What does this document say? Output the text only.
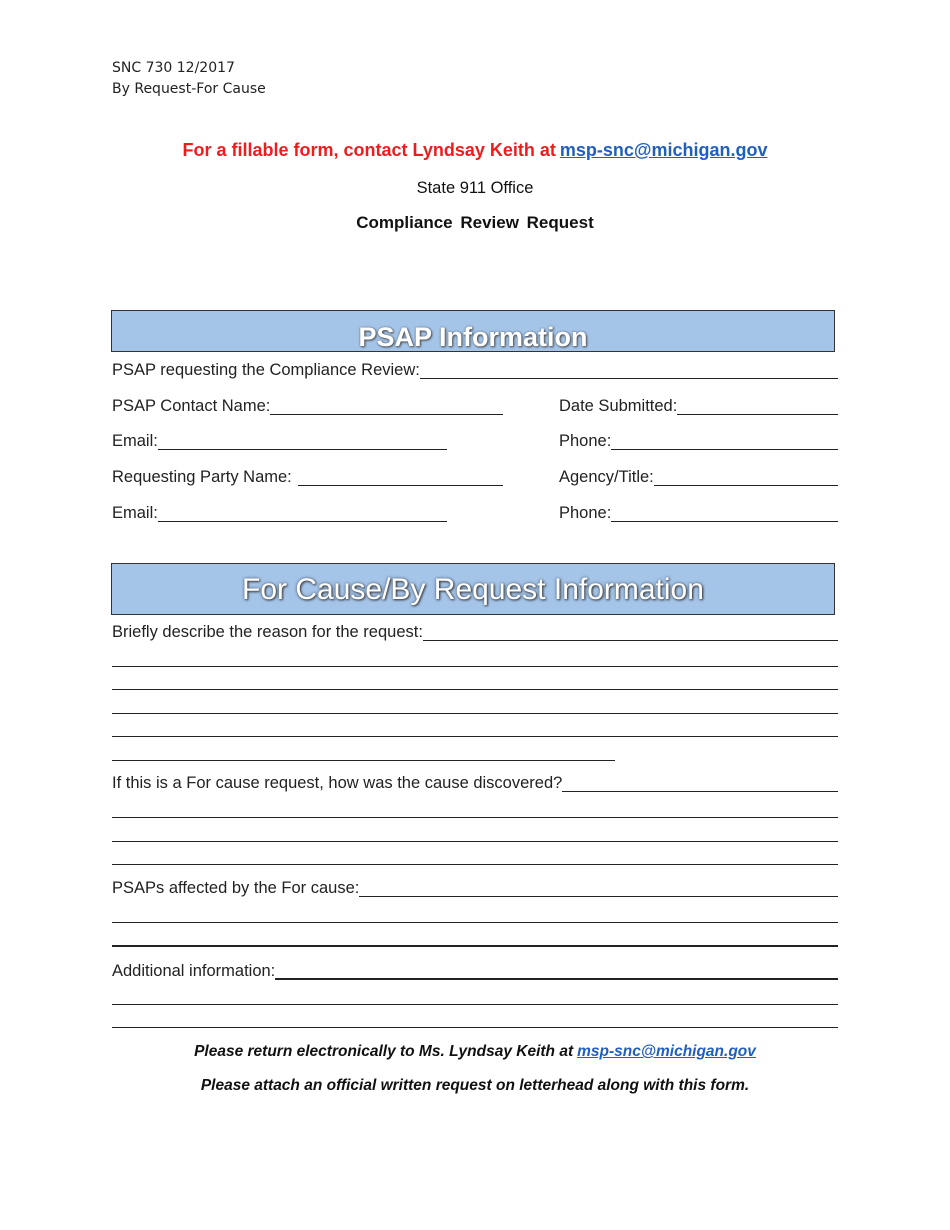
SNC 730 12/2017
By Request-For Cause
For a fillable form, contact Lyndsay Keith at msp-snc@michigan.gov
State 911 Office
Compliance Review Request
PSAP Information
PSAP requesting the Compliance Review:
PSAP Contact Name:	Date Submitted:
Email:	Phone:
Requesting Party Name:	Agency/Title:
Email:	Phone:
For Cause/By Request Information
Briefly describe the reason for the request:
If this is a For cause request, how was the cause discovered?
PSAPs affected by the For cause:
Additional information:
Please return electronically to Ms. Lyndsay Keith at msp-snc@michigan.gov
Please attach an official written request on letterhead along with this form.
